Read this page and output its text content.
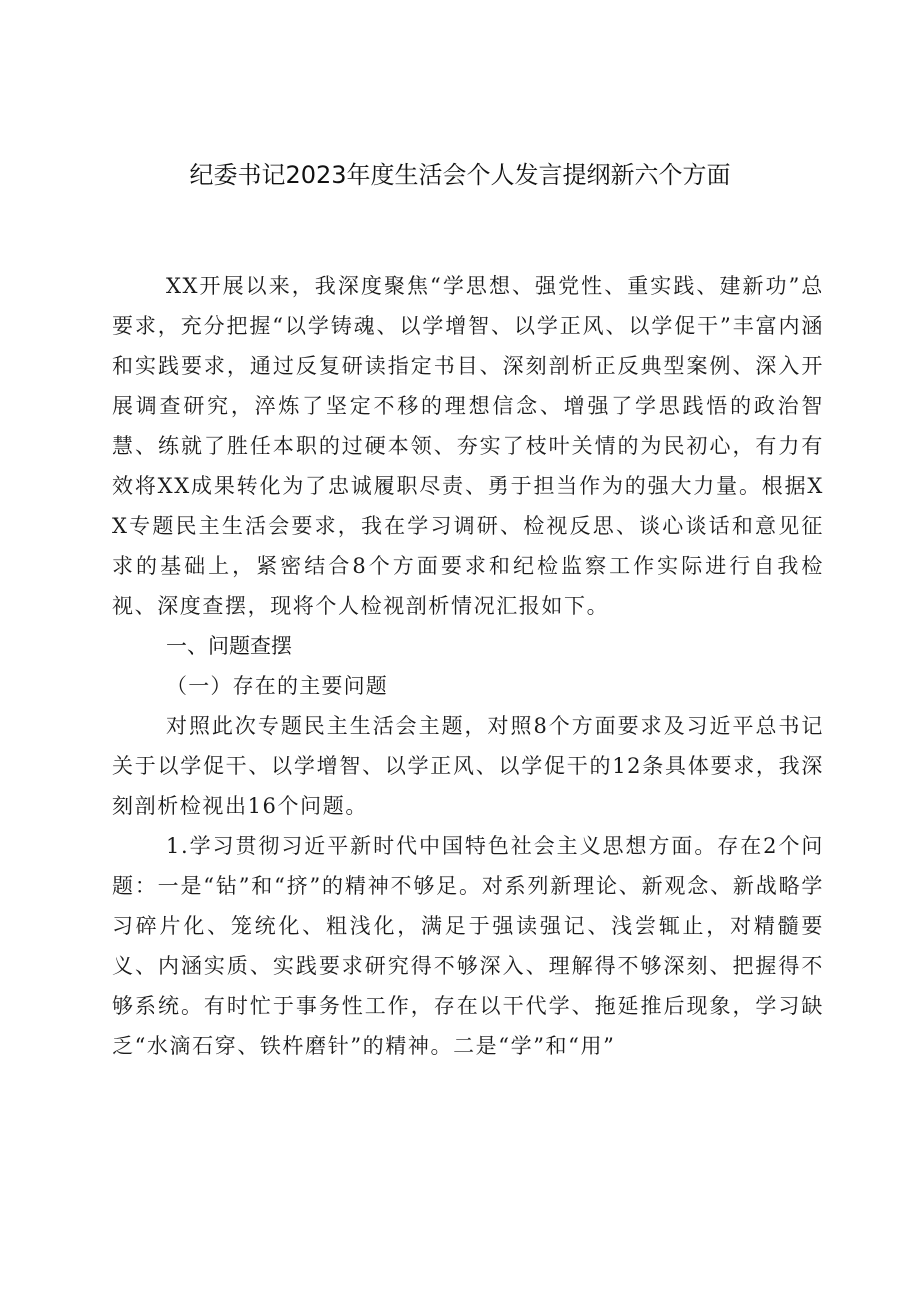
纪委书记2023年度生活会个人发言提纲新六个方面

XX开展以来，我深度聚焦“学思想、强党性、重实践、建新功”总要求，充分把握“以学铸魂、以学增智、以学正风、以学促干”丰富内涵和实践要求，通过反复研读指定书目、深刻剖析正反典型案例、深入开展调查研究，淬炼了坚定不移的理想信念、增强了学思践悟的政治智慧、练就了胜任本职的过硬本领、夯实了枝叶关情的为民初心，有力有效将XX成果转化为了忠诚履职尽责、勇于担当作为的强大力量。根据XX专题民主生活会要求，我在学习调研、检视反思、谈心谈话和意见征求的基础上，紧密结合8个方面要求和纪检监察工作实际进行自我检视、深度查摆，现将个人检视剖析情况汇报如下。

一、问题查摆

（一）存在的主要问题

对照此次专题民主生活会主题，对照8个方面要求及习近平总书记关于以学促干、以学增智、以学正风、以学促干的12条具体要求，我深刻剖析检视出16个问题。

1.学习贯彻习近平新时代中国特色社会主义思想方面。存在2个问题：一是“钻”和“挤”的精神不够足。对系列新理论、新观念、新战略学习碎片化、笼统化、粗浅化，满足于强读强记、浅尝辄止，对精髓要义、内涵实质、实践要求研究得不够深入、理解得不够深刻、把握得不够系统。有时忙于事务性工作，存在以干代学、拖延推后现象，学习缺乏“水滴石穿、铁杵磨针”的精神。二是“学”和“用”
